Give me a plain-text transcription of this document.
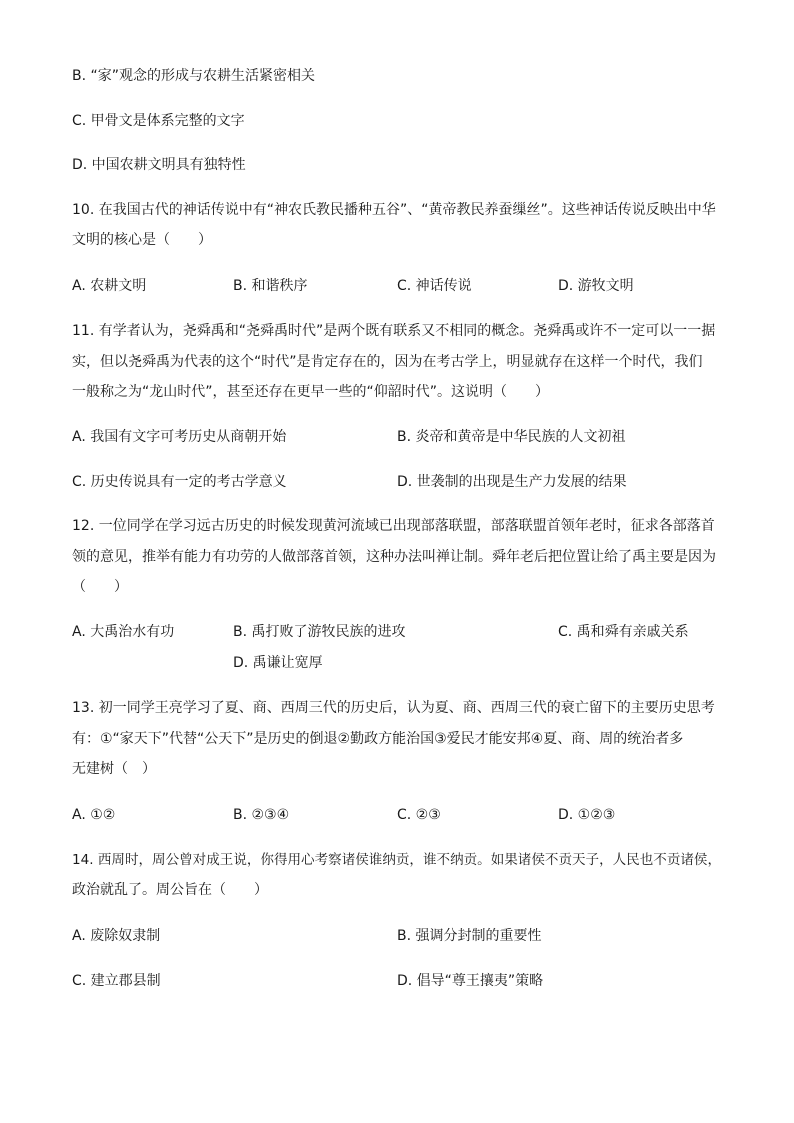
B. “家”观念的形成与农耕生活紧密相关
C. 甲骨文是体系完整的文字
D. 中国农耕文明具有独特性
10. 在我国古代的神话传说中有“神农氏教民播种五谷”、“黄帝教民养蚕缫丝”。这些神话传说反映出中华
文明的核心是（　　）
A. 农耕文明	B. 和谐秩序	C. 神话传说	D. 游牧文明
11. 有学者认为，尧舜禹和“尧舜禹时代”是两个既有联系又不相同的概念。尧舜禹或许不一定可以一一据
实，但以尧舜禹为代表的这个“时代”是肯定存在的，因为在考古学上，明显就存在这样一个时代，我们
一般称之为“龙山时代”，甚至还存在更早一些的“仰韶时代”。这说明（　　）
A. 我国有文字可考历史从商朝开始	B. 炎帝和黄帝是中华民族的人文初祖
C. 历史传说具有一定的考古学意义	D. 世袭制的出现是生产力发展的结果
12. 一位同学在学习远古历史的时候发现黄河流域已出现部落联盟，部落联盟首领年老时，征求各部落首
领的意见，推举有能力有功劳的人做部落首领，这种办法叫禅让制。舜年老后把位置让给了禹主要是因为
（　　）
A. 大禹治水有功	B. 禹打败了游牧民族的进攻	C. 禹和舜有亲戚关系
D. 禹谦让宽厚
13. 初一同学王亮学习了夏、商、西周三代的历史后，认为夏、商、西周三代的衰亡留下的主要历史思考
有：①“家天下”代替“公天下”是历史的倒退②勤政方能治国③爱民才能安邦④夏、商、周的统治者多
无建树（　）
A. ①②	B. ②③④	C. ②③	D. ①②③
14. 西周时，周公曾对成王说，你得用心考察诸侯谁纳贡，谁不纳贡。如果诸侯不贡天子，人民也不贡诸侯，
政治就乱了。周公旨在（　　）
A. 废除奴隶制	B. 强调分封制的重要性
C. 建立郡县制	D. 倡导“尊王攘夷”策略
